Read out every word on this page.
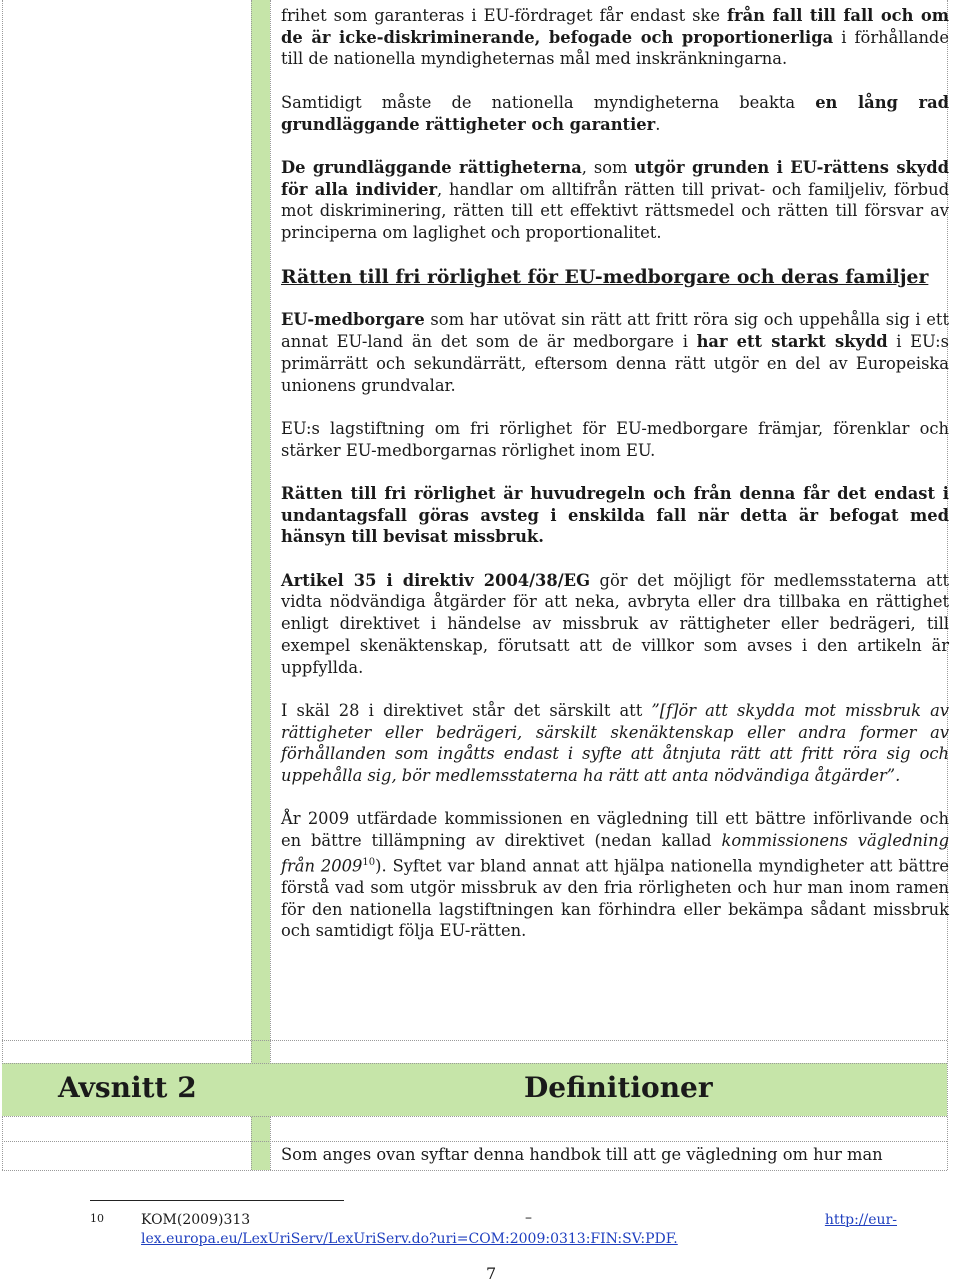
frihet som garanteras i EU-fördraget får endast ske från fall till fall och om de är icke-diskriminerande, befogade och proportionerliga i förhållande till de nationella myndigheternas mål med inskränkningarna.

Samtidigt måste de nationella myndigheterna beakta en lång rad grundläggande rättigheter och garantier.

De grundläggande rättigheterna, som utgör grunden i EU-rättens skydd för alla individer, handlar om alltifrån rätten till privat- och familjeliv, förbud mot diskriminering, rätten till ett effektivt rättsmedel och rätten till försvar av principerna om laglighet och proportionalitet.

Rätten till fri rörlighet för EU-medborgare och deras familjer

EU-medborgare som har utövat sin rätt att fritt röra sig och uppehålla sig i ett annat EU-land än det som de är medborgare i har ett starkt skydd i EU:s primärrätt och sekundärrätt, eftersom denna rätt utgör en del av Europeiska unionens grundvalar.

EU:s lagstiftning om fri rörlighet för EU-medborgare främjar, förenklar och stärker EU-medborgarnas rörlighet inom EU.

Rätten till fri rörlighet är huvudregeln och från denna får det endast i undantagsfall göras avsteg i enskilda fall när detta är befogat med hänsyn till bevisat missbruk.

Artikel 35 i direktiv 2004/38/EG gör det möjligt för medlemsstaterna att vidta nödvändiga åtgärder för att neka, avbryta eller dra tillbaka en rättighet enligt direktivet i händelse av missbruk av rättigheter eller bedrägeri, till exempel skenäktenskap, förutsatt att de villkor som avses i den artikeln är uppfyllda.

I skäl 28 i direktivet står det särskilt att ”[f]ör att skydda mot missbruk av rättigheter eller bedrägeri, särskilt skenäktenskap eller andra former av förhållanden som ingåtts endast i syfte att åtnjuta rätt att fritt röra sig och uppehålla sig, bör medlemsstaterna ha rätt att anta nödvändiga åtgärder”.

År 2009 utfärdade kommissionen en vägledning till ett bättre införlivande och en bättre tillämpning av direktivet (nedan kallad kommissionens vägledning från 2009$^{10}$). Syftet var bland annat att hjälpa nationella myndigheter att bättre förstå vad som utgör missbruk av den fria rörligheten och hur man inom ramen för den nationella lagstiftningen kan förhindra eller bekämpa sådant missbruk och samtidigt följa EU-rätten.

Avsnitt 2	Definitioner
Som anges ovan syftar denna handbok till att ge vägledning om hur man
10	KOM(2009)313	–	http://eur-
lex.europa.eu/LexUriServ/LexUriServ.do?uri=COM:2009:0313:FIN:SV:PDF.
7
